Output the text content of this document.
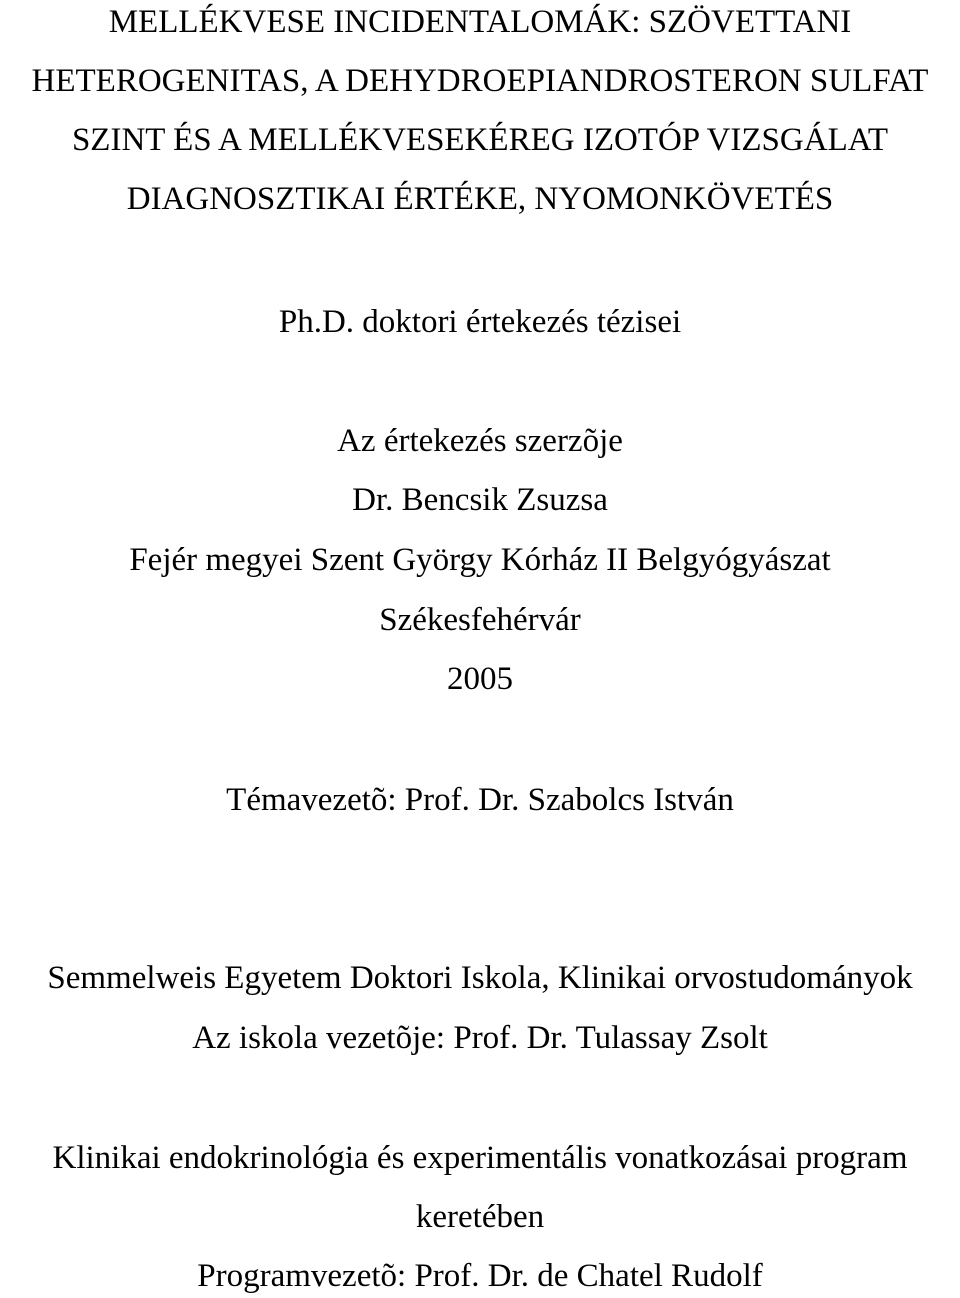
MELLÉKVESE INCIDENTALOMÁK: SZÖVETTANI
HETEROGENITAS, A DEHYDROEPIANDROSTERON SULFAT
SZINT ÉS A MELLÉKVESEKÉREG IZOTÓP VIZSGÁLAT
DIAGNOSZTIKAI ÉRTÉKE, NYOMONKÖVETÉS
Ph.D. doktori értekezés tézisei
Az értekezés szerzõje
Dr. Bencsik Zsuzsa
Fejér megyei Szent György Kórház II Belgyógyászat
Székesfehérvár
2005
Témavezetõ: Prof. Dr. Szabolcs István
Semmelweis Egyetem Doktori Iskola, Klinikai orvostudományok
Az iskola vezetõje: Prof. Dr. Tulassay Zsolt
Klinikai endokrinológia és experimentális vonatkozásai program
keretében
Programvezetõ: Prof. Dr. de Chatel Rudolf
